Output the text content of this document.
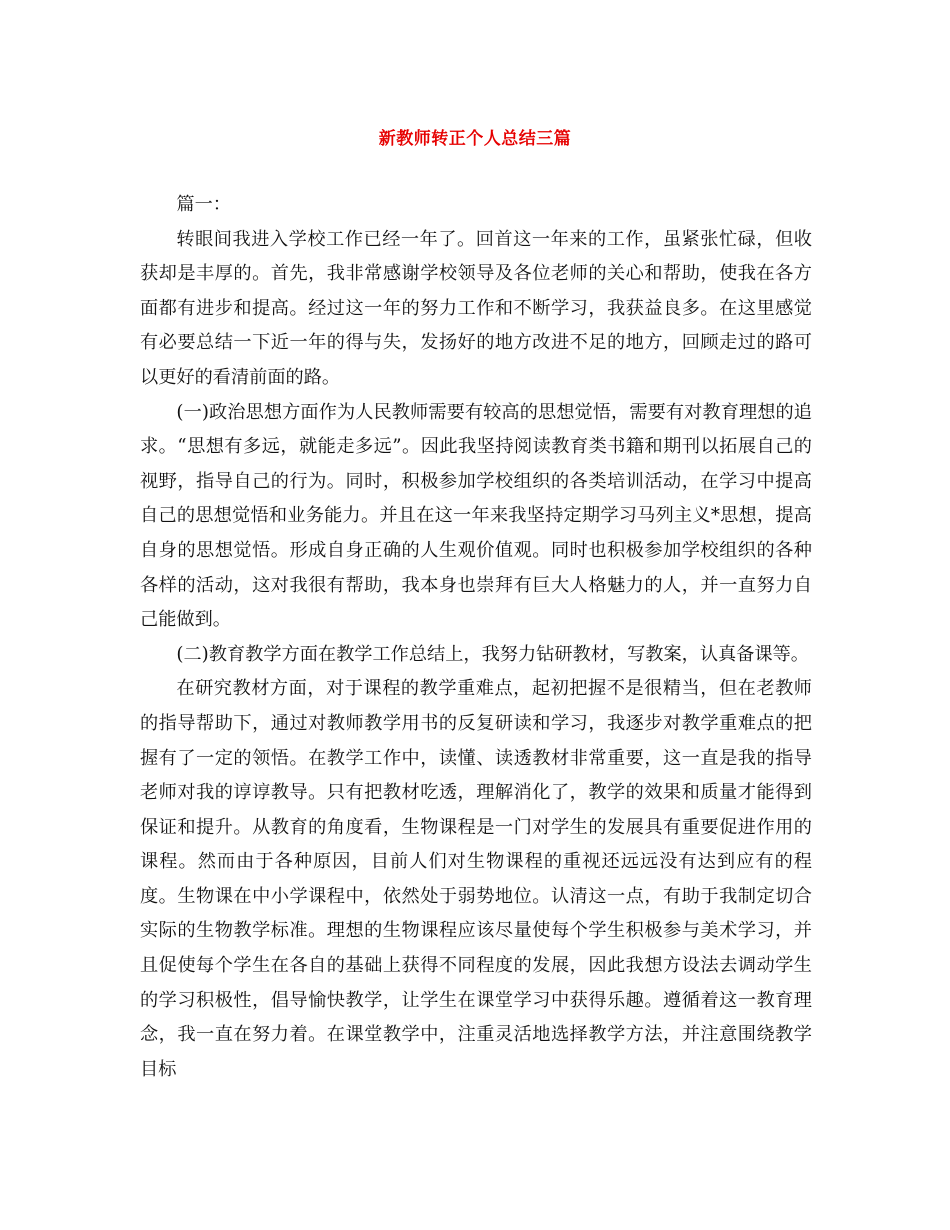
新教师转正个人总结三篇

篇一：

转眼间我进入学校工作已经一年了。回首这一年来的工作，虽紧张忙碌，但收获却是丰厚的。首先，我非常感谢学校领导及各位老师的关心和帮助，使我在各方面都有进步和提高。经过这一年的努力工作和不断学习，我获益良多。在这里感觉有必要总结一下近一年的得与失，发扬好的地方改进不足的地方，回顾走过的路可以更好的看清前面的路。

(一)政治思想方面作为人民教师需要有较高的思想觉悟，需要有对教育理想的追求。“思想有多远，就能走多远”。因此我坚持阅读教育类书籍和期刊以拓展自己的视野，指导自己的行为。同时，积极参加学校组织的各类培训活动，在学习中提高自己的思想觉悟和业务能力。并且在这一年来我坚持定期学习马列主义*思想，提高自身的思想觉悟。形成自身正确的人生观价值观。同时也积极参加学校组织的各种各样的活动，这对我很有帮助，我本身也崇拜有巨大人格魅力的人，并一直努力自己能做到。

(二)教育教学方面在教学工作总结上，我努力钻研教材，写教案，认真备课等。

在研究教材方面，对于课程的教学重难点，起初把握不是很精当，但在老教师的指导帮助下，通过对教师教学用书的反复研读和学习，我逐步对教学重难点的把握有了一定的领悟。在教学工作中，读懂、读透教材非常重要，这一直是我的指导老师对我的谆谆教导。只有把教材吃透，理解消化了，教学的效果和质量才能得到保证和提升。从教育的角度看，生物课程是一门对学生的发展具有重要促进作用的课程。然而由于各种原因，目前人们对生物课程的重视还远远没有达到应有的程度。生物课在中小学课程中，依然处于弱势地位。认清这一点，有助于我制定切合实际的生物教学标准。理想的生物课程应该尽量使每个学生积极参与美术学习，并且促使每个学生在各自的基础上获得不同程度的发展，因此我想方设法去调动学生的学习积极性，倡导愉快教学，让学生在课堂学习中获得乐趣。遵循着这一教育理念，我一直在努力着。在课堂教学中，注重灵活地选择教学方法，并注意围绕教学目标
